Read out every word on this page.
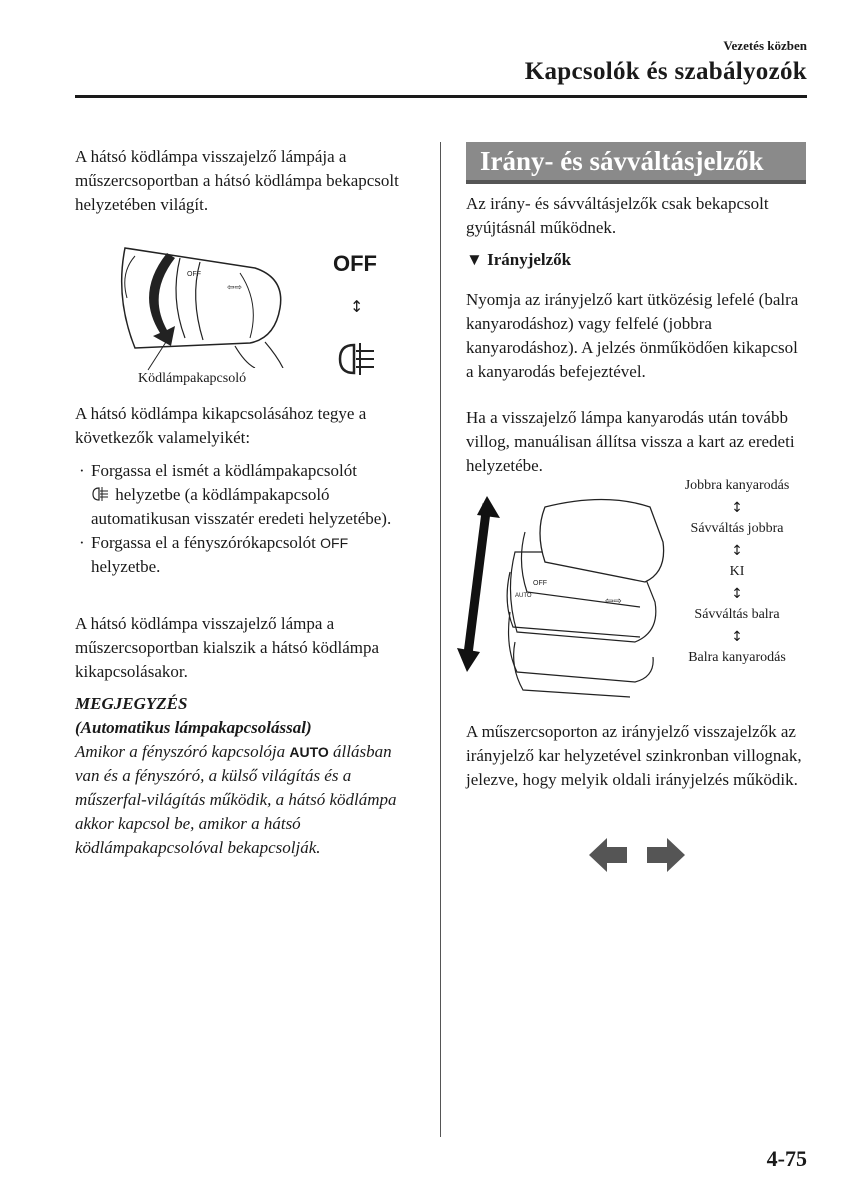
Vezetés közben
Kapcsolók és szabályozók

A hátsó ködlámpa visszajelző lámpája a műszercsoportban a hátsó ködlámpa bekapcsolt helyzetében világít.

OFF
⇦⇨
OFF
↕
Ködlámpakapcsoló

A hátsó ködlámpa kikapcsolásához tegye a következők valamelyikét:

· Forgassa el ismét a ködlámpakapcsolót
helyzetbe (a ködlámpakapcsoló automatikusan visszatér eredeti helyzetébe).
· Forgassa el a fényszórókapcsolót OFF
helyzetbe.

A hátsó ködlámpa visszajelző lámpa a műszercsoportban kialszik a hátsó ködlámpa kikapcsolásakor.

MEGJEGYZÉS
(Automatikus lámpakapcsolással)
Amikor a fényszóró kapcsolója AUTO állásban van és a fényszóró, a külső világítás és a műszerfal-világítás működik, a hátsó ködlámpa akkor kapcsol be, amikor a hátsó ködlámpakapcsolóval bekapcsolják.
Irány- és sávváltásjelzők

Az irány- és sávváltásjelzők csak bekapcsolt gyújtásnál működnek.

▼ Irányjelzők

Nyomja az irányjelző kart ütközésig lefelé (balra kanyarodáshoz) vagy felfelé (jobbra kanyarodáshoz). A jelzés önműködően kikapcsol a kanyarodás befejeztével.

Ha a visszajelző lámpa kanyarodás után tovább villog, manuálisan állítsa vissza a kart az eredeti helyzetébe.

OFF
AUTO	⇦⇨
Jobbra kanyarodás
↕
Sávváltás jobbra
↕
KI
↕
Sávváltás balra
↕
Balra kanyarodás

A műszercsoporton az irányjelző visszajelzők az irányjelző kar helyzetével szinkronban villognak, jelezve, hogy melyik oldali irányjelzés működik.

4-75
